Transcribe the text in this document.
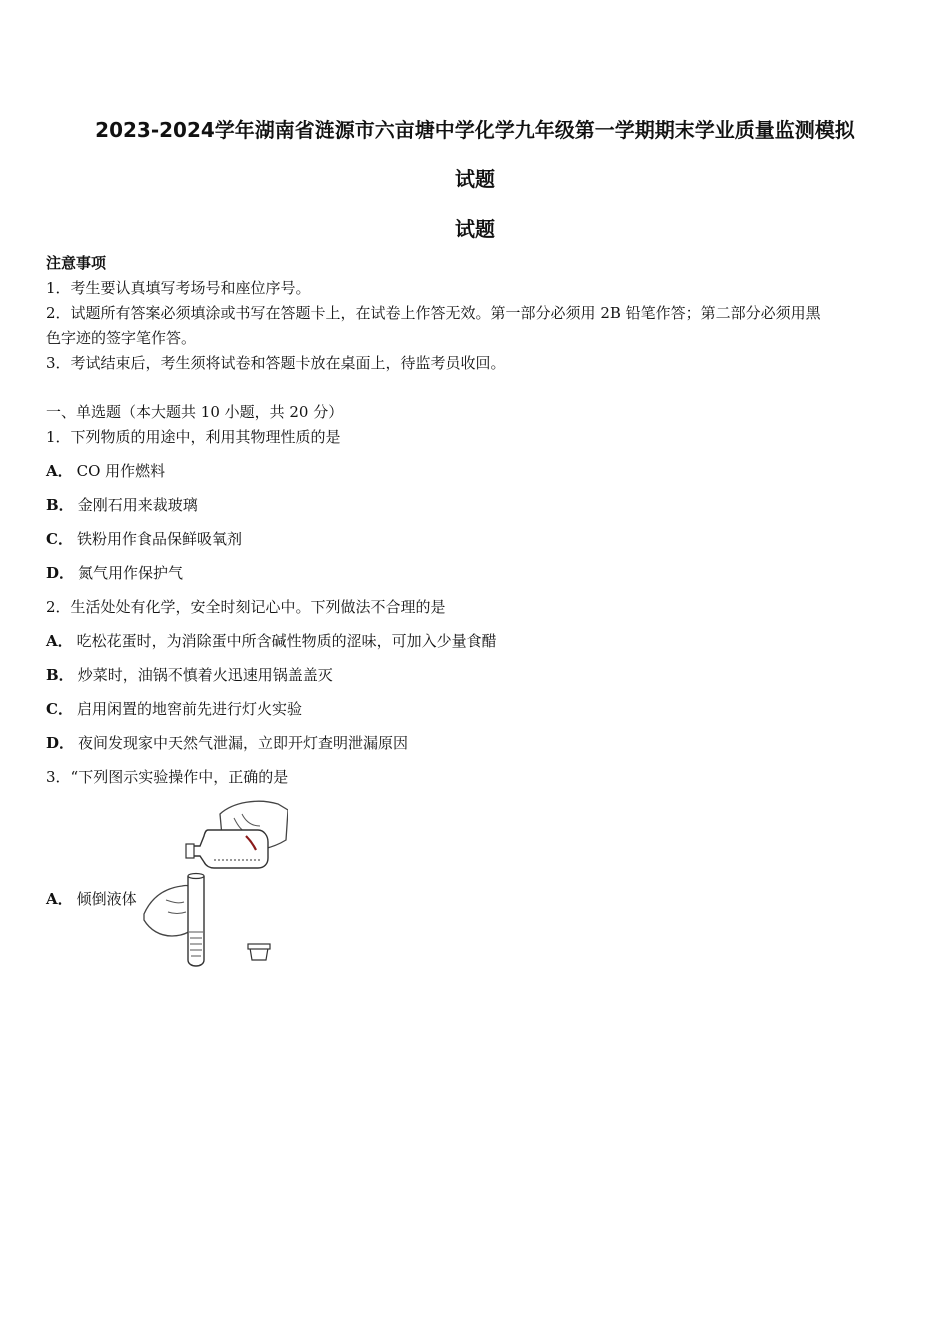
2023-2024学年湖南省涟源市六亩塘中学化学九年级第一学期期末学业质量监测模拟
试题
试题
注意事项
1．考生要认真填写考场号和座位序号。
2．试题所有答案必须填涂或书写在答题卡上，在试卷上作答无效。第一部分必须用 2B 铅笔作答；第二部分必须用黑
色字迹的签字笔作答。
3．考试结束后，考生须将试卷和答题卡放在桌面上，待监考员收回。
一、单选题（本大题共 10 小题，共 20 分）
1．下列物质的用途中，利用其物理性质的是
A． CO 用作燃料
B． 金刚石用来裁玻璃
C． 铁粉用作食品保鲜吸氧剂
D． 氮气用作保护气
2．生活处处有化学，安全时刻记心中。下列做法不合理的是
A． 吃松花蛋时，为消除蛋中所含碱性物质的涩味，可加入少量食醋
B． 炒菜时，油锅不慎着火迅速用锅盖盖灭
C． 启用闲置的地窖前先进行灯火实验
D． 夜间发现家中天然气泄漏，立即开灯查明泄漏原因
3．“下列图示实验操作中，正确的是
A． 倾倒液体
